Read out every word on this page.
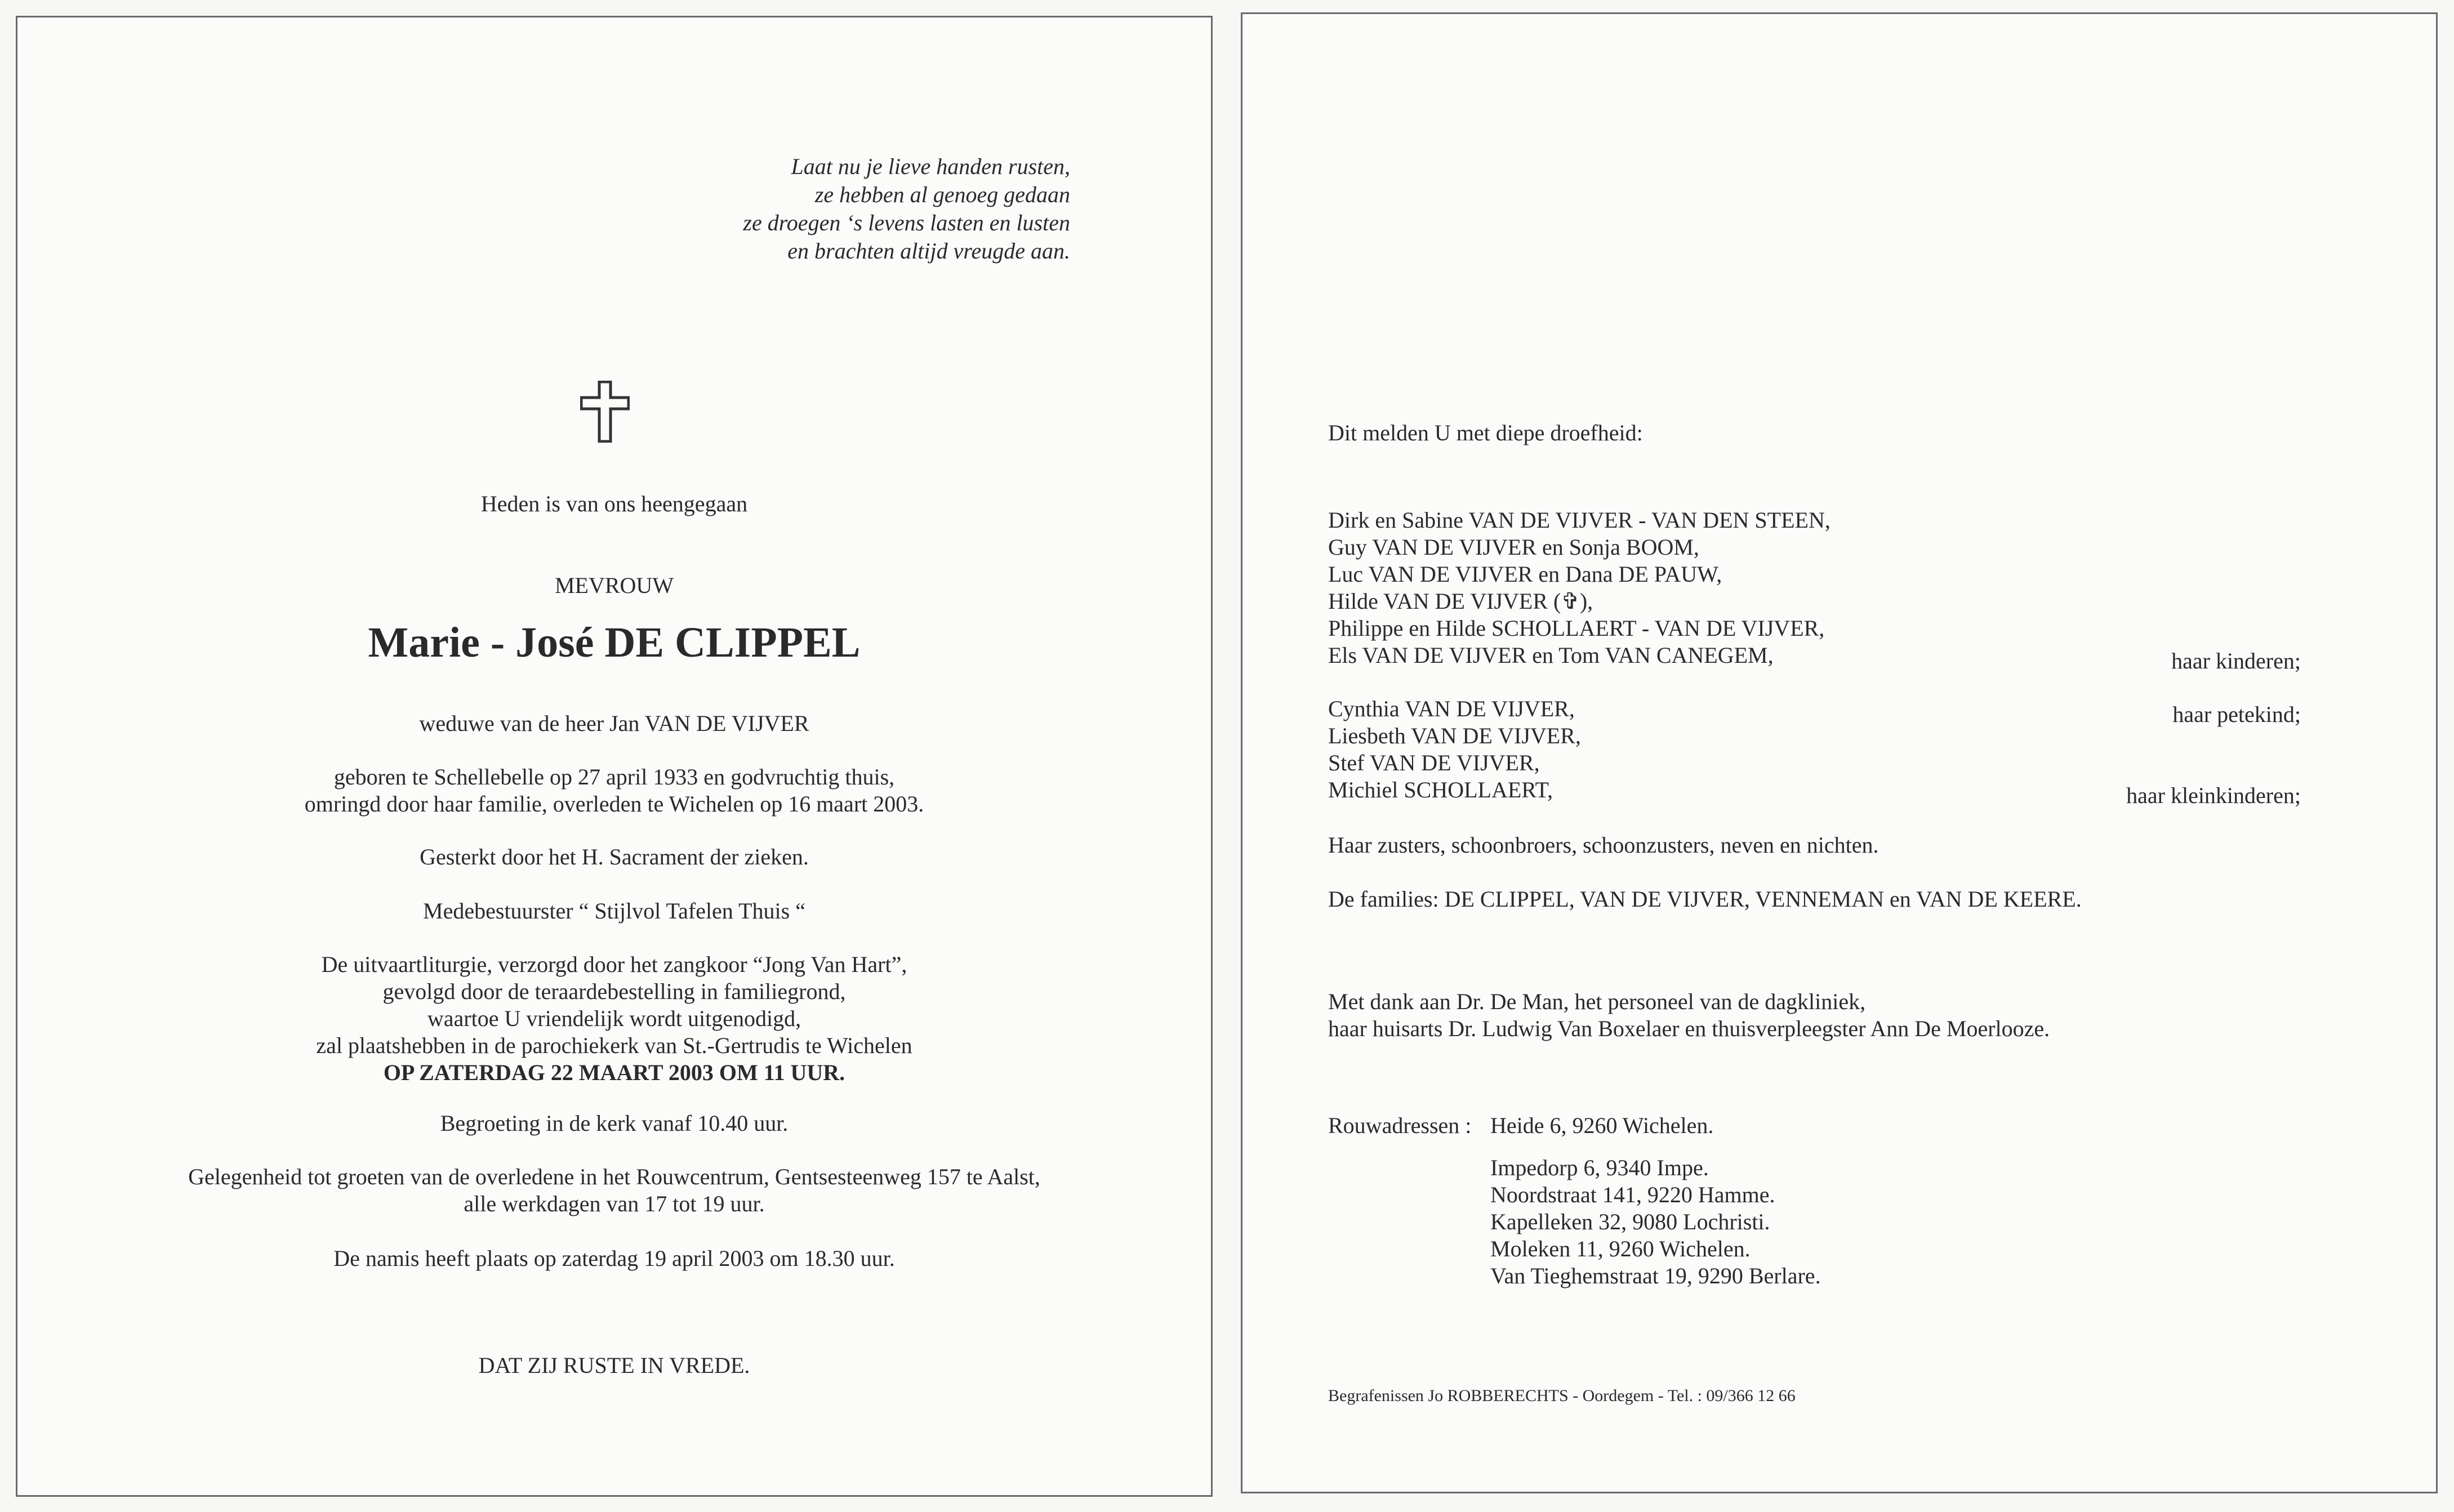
Laat nu je lieve handen rusten,
ze hebben al genoeg gedaan
ze droegen ‘s levens lasten en lusten
en brachten altijd vreugde aan.
Heden is van ons heengegaan
MEVROUW
Marie - José DE CLIPPEL
weduwe van de heer Jan VAN DE VIJVER
geboren te Schellebelle op 27 april 1933 en godvruchtig thuis,
omringd door haar familie, overleden te Wichelen op 16 maart 2003.
Gesterkt door het H. Sacrament der zieken.
Medebestuurster “ Stijlvol Tafelen Thuis “
De uitvaartliturgie, verzorgd door het zangkoor “Jong Van Hart”,
gevolgd door de teraardebestelling in familiegrond,
waartoe U vriendelijk wordt uitgenodigd,
zal plaatshebben in de parochiekerk van St.-Gertrudis te Wichelen
OP ZATERDAG 22 MAART 2003 OM 11 UUR.
Begroeting in de kerk vanaf 10.40 uur.
Gelegenheid tot groeten van de overledene in het Rouwcentrum, Gentsesteenweg 157 te Aalst,
alle werkdagen van 17 tot 19 uur.
De namis heeft plaats op zaterdag 19 april 2003 om 18.30 uur.
DAT ZIJ RUSTE IN VREDE.
Dit melden U met diepe droefheid:
Dirk en Sabine VAN DE VIJVER - VAN DEN STEEN,
Guy VAN DE VIJVER en Sonja BOOM,
Luc VAN DE VIJVER en Dana DE PAUW,
Hilde VAN DE VIJVER (✞),
Philippe en Hilde SCHOLLAERT - VAN DE VIJVER,
Els VAN DE VIJVER en Tom VAN CANEGEM,	haar kinderen;
Cynthia VAN DE VIJVER,	haar petekind;
Liesbeth VAN DE VIJVER,
Stef VAN DE VIJVER,
Michiel SCHOLLAERT,	haar kleinkinderen;
Haar zusters, schoonbroers, schoonzusters, neven en nichten.
De families: DE CLIPPEL, VAN DE VIJVER, VENNEMAN en VAN DE KEERE.
Met dank aan Dr. De Man, het personeel van de dagkliniek,
haar huisarts Dr. Ludwig Van Boxelaer en thuisverpleegster Ann De Moerlooze.
Rouwadressen : Heide 6, 9260 Wichelen.
Impedorp 6, 9340 Impe.
Noordstraat 141, 9220 Hamme.
Kapelleken 32, 9080 Lochristi.
Moleken 11, 9260 Wichelen.
Van Tieghemstraat 19, 9290 Berlare.
Begrafenissen Jo ROBBERECHTS - Oordegem - Tel. : 09/366 12 66
